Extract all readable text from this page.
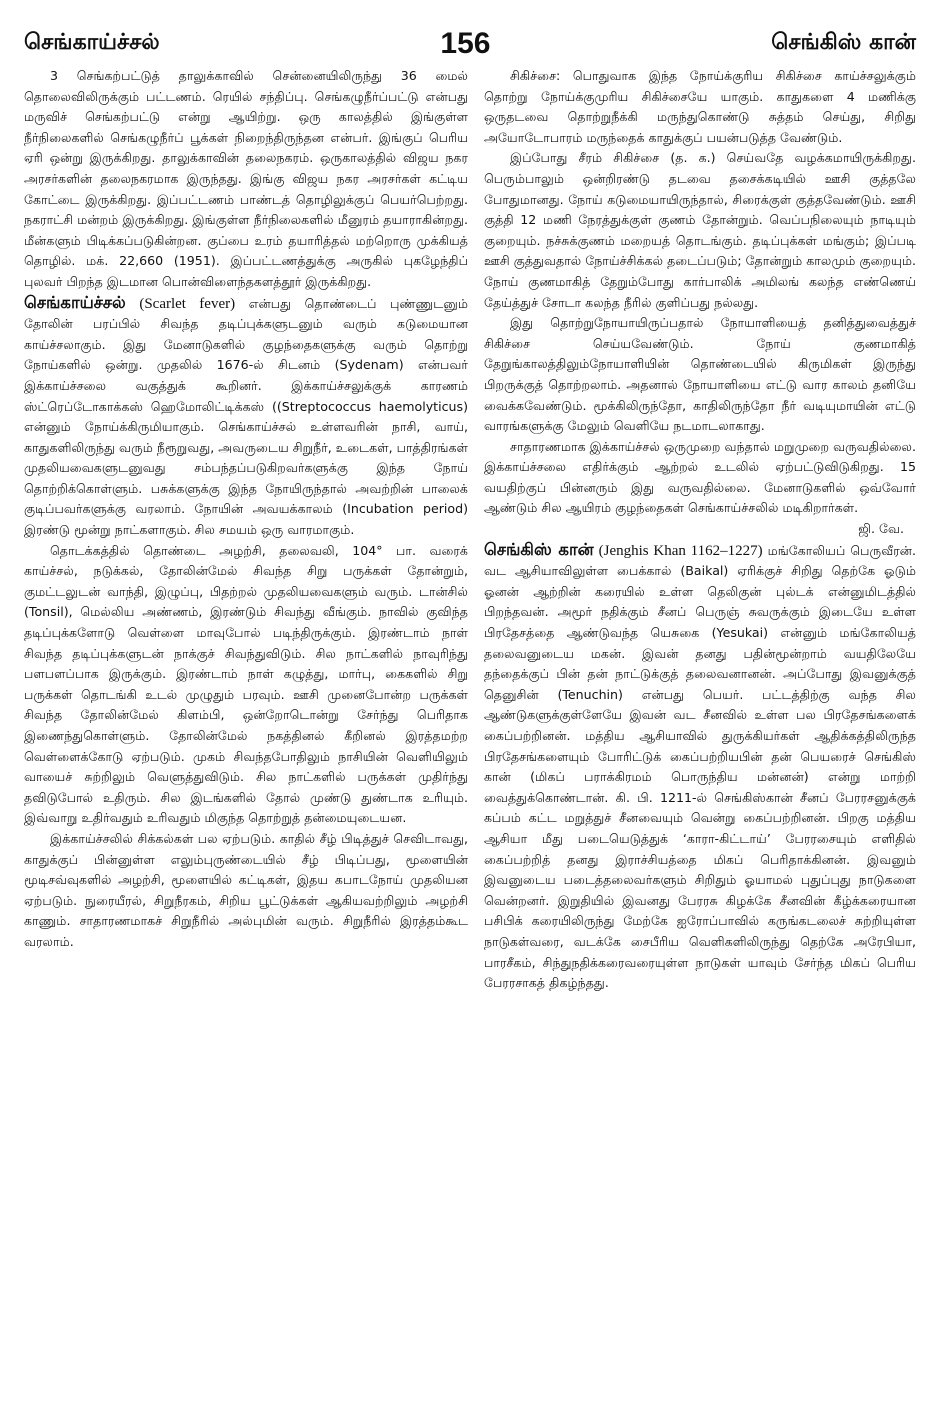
செங்காய்ச்சல்	156	செங்கிஸ் கான்

3 செங்கற்பட்டுத் தாலுக்காவில் சென்னையிலிருந்து 36 மைல் தொலைவிலிருக்கும் பட்டணம். ரெயில் சந்திப்பு. செங்கழுநீர்ப்பட்டு என்பது மருவிச் செங்கற்பட்டு என்று ஆயிற்று. ஒரு காலத்தில் இங்குள்ள நீர்நிலைகளில் செங்கழுநீர்ப் பூக்கள் நிறைந்திருந்தன என்பர். இங்குப் பெரிய ஏரி ஒன்று இருக்கிறது. தாலுக்காவின் தலைநகரம். ஒருகாலத்தில் விஜய நகர அரசர்களின் தலைநகரமாக இருந்தது. இங்கு விஜய நகர அரசர்கள் கட்டிய கோட்டை இருக்கிறது. இப்பட்டணம் பாண்டத் தொழிலுக்குப் பெயர்பெற்றது. நகராட்சி மன்றம் இருக்கிறது. இங்குள்ள நீர்நிலைகளில் மீனுரம் தயாராகின்றது. மீன்களும் பிடிக்கப்படுகின்றன. குப்பை உரம் தயாரித்தல் மற்றொரு முக்கியத் தொழில். மக். 22,660 (1951). இப்பட்டணத்துக்கு அருகில் புகழேந்திப் புலவர் பிறந்த இடமான பொன்விளைந்தகளத்தூர் இருக்கிறது.

செங்காய்ச்சல் (Scarlet fever) என்பது தொண்டைப் புண்ணுடனும் தோலின் பரப்பில் சிவந்த தடிப்புக்களுடனும் வரும் கடுமையான காய்ச்சலாகும். இது மேனாடுகளில் குழந்தைகளுக்கு வரும் தொற்று நோய்களில் ஒன்று. முதலில் 1676-ல் சிடனம் (Sydenam) என்பவர் இக்காய்ச்சலை வகுத்துக் கூறினர். இக்காய்ச்சலுக்குக் காரணம் ஸ்ட்ரெப்டோகாக்கஸ் ஹெமோலிட்டிக்கஸ் ((Streptococcus haemolyticus) என்னும் நோய்க்கிருமியாகும். செங்காய்ச்சல் உள்ளவரின் நாசி, வாய், காதுகளிலிருந்து வரும் நீரூறுவது, அவருடைய சிறுநீர், உடைகள், பாத்திரங்கள் முதலியவைகளுடனுவது சம்பந்தப்படுகிறவர்களுக்கு இந்த நோய் தொற்றிக்கொள்ளும். பசுக்களுக்கு இந்த நோயிருந்தால் அவற்றின் பாலைக் குடிப்பவர்களுக்கு வரலாம். நோயின் அவயக்காலம் (Incubation period) இரண்டு மூன்று நாட்களாகும். சில சமயம் ஒரு வாரமாகும்.

தொடக்கத்தில் தொண்டை அழற்சி, தலைவலி, 104° பா. வரைக் காய்ச்சல், நடுக்கல், தோலின்மேல் சிவந்த சிறு பருக்கள் தோன்றும், குமட்டலுடன் வாந்தி, இழுப்பு, பிதற்றல் முதலியவைகளும் வரும். டான்சில் (Tonsil), மெல்லிய அண்ணம், இரண்டும் சிவந்து வீங்கும். நாவில் குவிந்த தடிப்புக்களோடு வெள்ளை மாவுபோல் படிந்திருக்கும். இரண்டாம் நாள் சிவந்த தடிப்புக்களுடன் நாக்குச் சிவந்துவிடும். சில நாட்களில் நாவுரிந்து பளபளப்பாக இருக்கும். இரண்டாம் நாள் கழுத்து, மார்பு, கைகளில் சிறு பருக்கள் தொடங்கி உடல் முழுதும் பரவும். ஊசி முனைபோன்ற பருக்கள் சிவந்த தோலின்மேல் கிளம்பி, ஒன்றோடொன்று சேர்ந்து பெரிதாக இணைந்துகொள்ளும். தோலின்மேல் நகத்தினல் கீறினல் இரத்தமற்ற வெள்ளைக்கோடு ஏற்படும். முகம் சிவந்தபோதிலும் நாசியின் வெளியிலும் வாயைச் சுற்றிலும் வெளுத்துவிடும். சில நாட்களில் பருக்கள் முதிர்ந்து தவிடுபோல் உதிரும். சில இடங்களில் தோல் முண்டு துண்டாக உரியும். இவ்வாறு உதிர்வதும் உரிவதும் மிகுந்த தொற்றுத் தன்மையுடையன.

இக்காய்ச்சலில் சிக்கல்கள் பல ஏற்படும். காதில் சீழ் பிடித்துச் செவிடாவது, காதுக்குப் பின்னுள்ள எலும்புருண்டையில் சீழ் பிடிப்பது, மூளையின் மூடிசவ்வுகளில் அழற்சி, மூளையில் கட்டிகள், இதய கபாடநோய் முதலியன ஏற்படும். நுரையீரல், சிறுநீரகம், சிறிய பூட்டுக்கள் ஆகியவற்றிலும் அழற்சி காணும். சாதாரணமாகச் சிறுநீரில் அல்புமின் வரும். சிறுநீரில் இரத்தம்கூட வரலாம்.

சிகிச்சை: பொதுவாக இந்த நோய்க்குரிய சிகிச்சை காய்ச்சலுக்கும் தொற்று நோய்க்குமுரிய சிகிச்சையே யாகும். காதுகளை 4 மணிக்கு ஒருதடவை தொற்றுநீக்கி மருந்துகொண்டு சுத்தம் செய்து, சிறிது அயோடோபாரம் மருந்தைக் காதுக்குப் பயன்படுத்த வேண்டும்.

இப்போது சீரம் சிகிச்சை (த. க.) செய்வதே வழக்கமாயிருக்கிறது. பெரும்பாலும் ஒன்றிரண்டு தடவை தசைக்கடியில் ஊசி குத்தலே போதுமானது. நோய் கடுமையாயிருந்தால், சிரைக்குள் குத்தவேண்டும். ஊசி குத்தி 12 மணி நேரத்துக்குள் குணம் தோன்றும். வெப்பநிலையும் நாடியும் குறையும். நச்சுக்குணம் மறையத் தொடங்கும். தடிப்புக்கள் மங்கும்; இப்படி ஊசி குத்துவதால் நோய்ச்சிக்கல் தடைப்படும்; தோன்றும் காலமும் குறையும். நோய் குணமாகித் தேறும்போது கார்பாலிக் அமிலங் கலந்த எண்ணெய் தேய்த்துச் சோடா கலந்த நீரில் குளிப்பது நல்லது.

இது தொற்றுநோயாயிருப்பதால் நோயாளியைத் தனித்துவைத்துச் சிகிச்சை செய்யவேண்டும். நோய் குணமாகித் தேறுங்காலத்திலும்நோயாளியின் தொண்டையில் கிருமிகள் இருந்து பிறருக்குத் தொற்றலாம். அதனால் நோயாளியை எட்டு வார காலம் தனியே வைக்கவேண்டும். மூக்கிலிருந்தோ, காதிலிருந்தோ நீர் வடியுமாயின் எட்டு வாரங்களுக்கு மேலும் வெளியே நடமாடலாகாது.

சாதாரணமாக இக்காய்ச்சல் ஒருமுறை வந்தால் மறுமுறை வருவதில்லை. இக்காய்ச்சலை எதிர்க்கும் ஆற்றல் உடலில் ஏற்பட்டுவிடுகிறது. 15 வயதிற்குப் பின்னரும் இது வருவதில்லை. மேனாடுகளில் ஒவ்வோர் ஆண்டும் சில ஆயிரம் குழந்தைகள் செங்காய்ச்சலில் மடிகிறார்கள்.

ஜி. வே.

செங்கிஸ் கான் (Jenghis Khan 1162–1227) மங்கோலியப் பெருவீரன். வட ஆசியாவிலுள்ள பைக்கால் (Baikal) ஏரிக்குச் சிறிது தெற்கே ஓடும் ஓனன் ஆற்றின் கரையில் உள்ள தெலிகுன் புல்டக் என்னுமிடத்தில் பிறந்தவன். அமூர் நதிக்கும் சீனப் பெருஞ் சுவருக்கும் இடையே உள்ள பிரதேசத்தை ஆண்டுவந்த யெசுகை (Yesukai) என்னும் மங்கோலியத் தலைவனுடைய மகன். இவன் தனது பதின்மூன்றாம் வயதிலேயே தந்தைக்குப் பின் தன் நாட்டுக்குத் தலைவனானன். அப்போது இவனுக்குத் தெனுசின் (Tenuchin) என்பது பெயர். பட்டத்திற்கு வந்த சில ஆண்டுகளுக்குள்ளேயே இவன் வட சீனவில் உள்ள பல பிரதேசங்களைக் கைப்பற்றினன். மத்திய ஆசியாவில் துருக்கியர்கள் ஆதிக்கத்திலிருந்த பிரதேசங்களையும் போரிட்டுக் கைப்பற்றியபின் தன் பெயரைச் செங்கிஸ் கான் (மிகப் பராக்கிரமம் பொருந்திய மன்னன்) என்று மாற்றி வைத்துக்கொண்டான். கி. பி. 1211-ல் செங்கிஸ்கான் சீனப் பேரரசனுக்குக் கப்பம் கட்ட மறுத்துச் சீனவையும் வென்று கைப்பற்றினன். பிறகு மத்திய ஆசியா மீது படையெடுத்துக் ‘காரா-கிட்டாய்’ பேரரசையும் எளிதில் கைப்பற்றித் தனது இராச்சியத்தை மிகப் பெரிதாக்கினன். இவனும் இவனுடைய படைத்தலைவர்களும் சிறிதும் ஓயாமல் புதுப்புது நாடுகளை வென்றனர். இறுதியில் இவனது பேரரசு கிழக்கே சீனவின் கீழ்க்கரையான பசிபிக் கரையிலிருந்து மேற்கே ஐரோப்பாவில் கருங்கடலைச் சுற்றியுள்ள நாடுகள்வரை, வடக்கே சைபீரிய வெளிகளிலிருந்து தெற்கே அரேபியா, பாரசீகம், சிந்துநதிக்கரைவரையுள்ள நாடுகள் யாவும் சேர்ந்த மிகப் பெரிய பேரரசாகத் திகழ்ந்தது.
